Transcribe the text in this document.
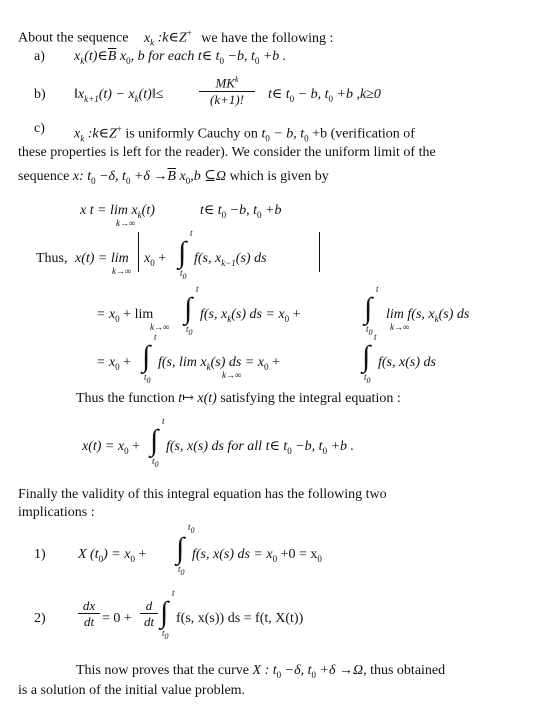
About the sequence $x_k$ :k∈Z+ we have the following :
a) $x_k(t)\in\overline{B}$ $x_0$, b for each t∈ $t_0 -b$, $t_0 +b$ .
b) $‖x_{k+1}(t)$ − $x_k(t)‖\le$
$MK^k$
(k+1)!	t∈ $t_0 - b$, $t_0 +b$ ,k≥0
c) $x_k$ :k∈Z+ is uniformly Cauchy on $t_0 - b$, $t_0 +b$ (verification of
these properties is left for the reader). We consider the uniform limit of the
sequence x: $t_0 -\delta$, $t_0 +\delta \to\overline{B}$ $x_0,b$ ⊆Ω which is given by
x $t = \lim x_k(t)$
k→∞
t∈ $t_0 -b$, $t_0 +b$
Thus, x(t) = lim
k→∞
$x_0$ + ∫
t
$t_0$
f(s, $x_{k-1}(s)$ ds
= $x_0 + \lim$
k→∞
∫
t
$t_0$
f(s, $x_k(s)$ ds = $x_0$ + ∫
t
$t_0$
lim f(s, $x_k(s)$ ds
k→∞
= $x_0$ + ∫
t
$t_0$
f(s, $\lim x_k(s)$ ds = $x_0$ +
k→∞
∫
t
$t_0$
f(s, x(s) ds
Thus the function t↦ x(t) satisfying the integral equation :
$x(t) = x_0$ + ∫
t
$t_0$
f(s, x(s) ds for all t∈ $t_0 -b$, $t_0 +b$ .
Finally the validity of this integral equation has the following two
implications :
1) X $(t_0) = x_0$ + ∫
$t_0$
$t_0$
f(s, x(s) ds = $x_0 +0 = x_0$
$2) \frac{dx}{dt} = 0$ +
d
dt ∫
t
$t_0$
f(s, x(s)) ds = f(t, X(t))
This now proves that the curve X : $t_0 -\delta$, $t_0 +\delta \to\Omega$, thus obtained
is a solution of the initial value problem.
